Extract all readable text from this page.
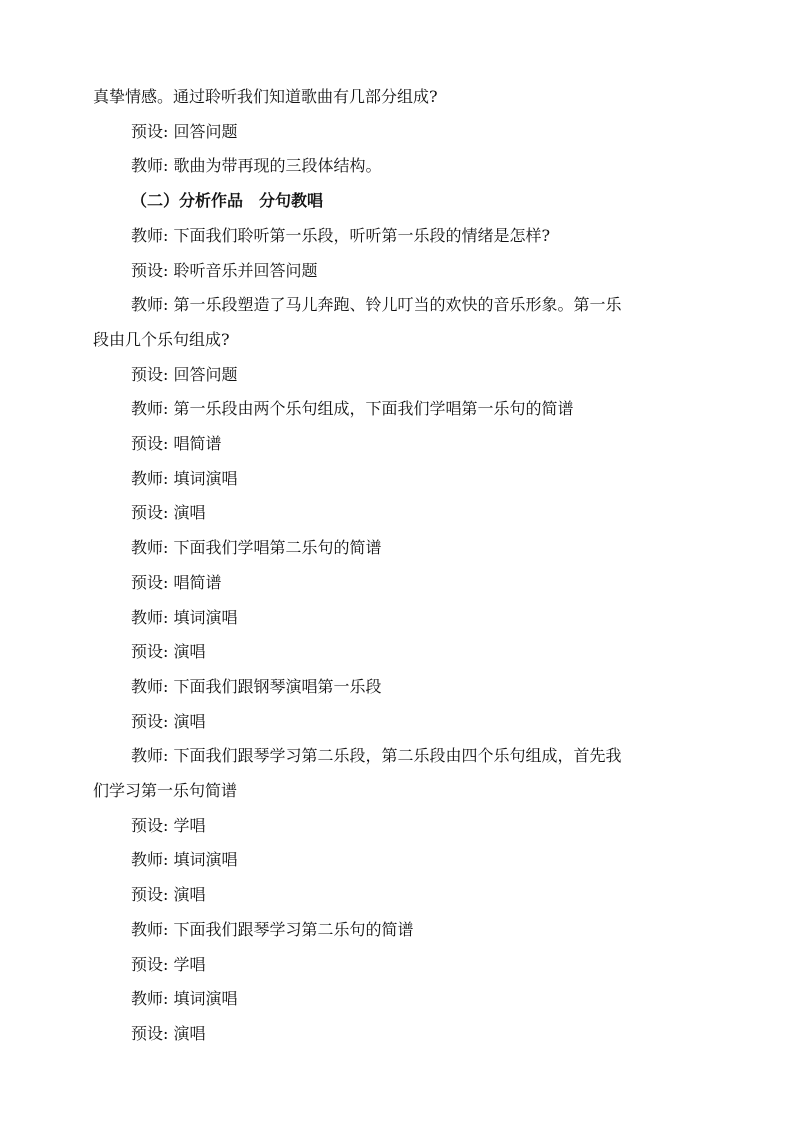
真挚情感。通过聆听我们知道歌曲有几部分组成?

预设: 回答问题

教师: 歌曲为带再现的三段体结构。

（二）分析作品　分句教唱

教师: 下面我们聆听第一乐段，听听第一乐段的情绪是怎样?

预设: 聆听音乐并回答问题

教师: 第一乐段塑造了马儿奔跑、铃儿叮当的欢快的音乐形象。第一乐

段由几个乐句组成?

预设: 回答问题

教师: 第一乐段由两个乐句组成，下面我们学唱第一乐句的简谱

预设: 唱简谱

教师: 填词演唱

预设: 演唱

教师: 下面我们学唱第二乐句的简谱

预设: 唱简谱

教师: 填词演唱

预设: 演唱

教师: 下面我们跟钢琴演唱第一乐段

预设: 演唱

教师: 下面我们跟琴学习第二乐段，第二乐段由四个乐句组成，首先我

们学习第一乐句简谱

预设: 学唱

教师: 填词演唱

预设: 演唱

教师: 下面我们跟琴学习第二乐句的简谱

预设: 学唱

教师: 填词演唱

预设: 演唱
